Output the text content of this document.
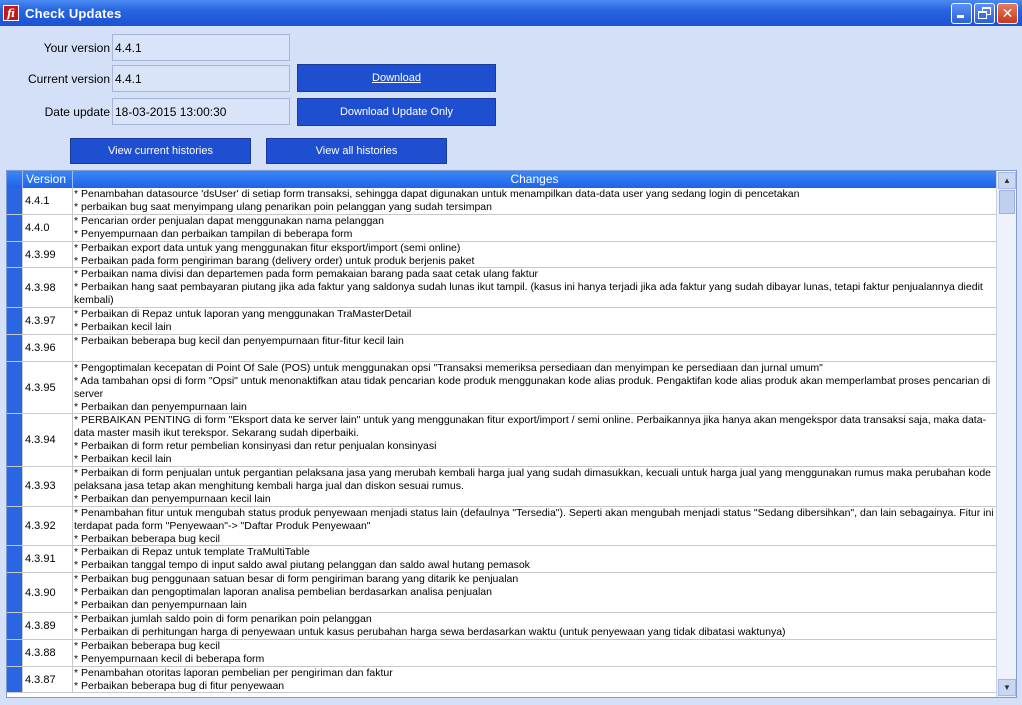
fi Check Updates	✕
Your version
4.4.1
Current version
4.4.1
Date update
18-03-2015 13:00:30
Download
Download Update Only
View current histories	View all histories
Version	Changes
4.4.1
* Penambahan datasource 'dsUser' di setiap form transaksi, sehingga dapat digunakan untuk menampilkan data-data user yang sedang login di pencetakan
* perbaikan bug saat menyimpang ulang penarikan poin pelanggan yang sudah tersimpan
4.4.0
* Pencarian order penjualan dapat menggunakan nama pelanggan
* Penyempurnaan dan perbaikan tampilan di beberapa form
4.3.99
* Perbaikan export data untuk yang menggunakan fitur eksport/import (semi online)
* Perbaikan pada form pengiriman barang (delivery order) untuk produk berjenis paket
4.3.98
* Perbaikan nama divisi dan departemen pada form pemakaian barang pada saat cetak ulang faktur
* Perbaikan hang saat pembayaran piutang jika ada faktur yang saldonya sudah lunas ikut tampil. (kasus ini hanya terjadi jika ada faktur yang sudah dibayar lunas, tetapi faktur penjualannya diedit kembali)
4.3.97
* Perbaikan di Repaz untuk laporan yang menggunakan TraMasterDetail
* Perbaikan kecil lain
4.3.96
* Perbaikan beberapa bug kecil dan penyempurnaan fitur-fitur kecil lain

4.3.95
* Pengoptimalan kecepatan di Point Of Sale (POS) untuk menggunakan opsi "Transaksi memeriksa persediaan dan menyimpan ke persediaan dan jurnal umum"
* Ada tambahan opsi di form "Opsi" untuk menonaktifkan atau tidak pencarian kode produk menggunakan kode alias produk. Pengaktifan kode alias produk akan memperlambat proses pencarian di server
* Perbaikan dan penyempurnaan lain
4.3.94
* PERBAIKAN PENTING di form "Eksport data ke server lain" untuk yang menggunakan fitur export/import / semi online. Perbaikannya jika hanya akan mengekspor data transaksi saja, maka data-data master masih ikut terekspor. Sekarang sudah diperbaiki.
* Perbaikan di form retur pembelian konsinyasi dan retur penjualan konsinyasi
* Perbaikan kecil lain
4.3.93
* Perbaikan di form penjualan untuk pergantian pelaksana jasa yang merubah kembali harga jual yang sudah dimasukkan, kecuali untuk harga jual yang menggunakan rumus maka perubahan kode pelaksana jasa tetap akan menghitung kembali harga jual dan diskon sesuai rumus.
* Perbaikan dan penyempurnaan kecil lain
4.3.92
* Penambahan fitur untuk mengubah status produk penyewaan menjadi status lain (defaulnya "Tersedia"). Seperti akan mengubah menjadi status "Sedang dibersihkan", dan lain sebagainya. Fitur ini terdapat pada form "Penyewaan"-> "Daftar Produk Penyewaan"
* Perbaikan beberapa bug kecil
4.3.91
* Perbaikan di Repaz untuk template TraMultiTable
* Perbaikan tanggal tempo di input saldo awal piutang pelanggan dan saldo awal hutang pemasok
4.3.90
* Perbaikan bug penggunaan satuan besar di form pengiriman barang yang ditarik ke penjualan
* Perbaikan dan pengoptimalan laporan analisa pembelian berdasarkan analisa penjualan
* Perbaikan dan penyempurnaan lain
4.3.89
* Perbaikan jumlah saldo poin di form penarikan poin pelanggan
* Perbaikan di perhitungan harga di penyewaan untuk kasus perubahan harga sewa berdasarkan waktu (untuk penyewaan yang tidak dibatasi waktunya)
4.3.88
* Perbaikan beberapa bug kecil
* Penyempurnaan kecil di beberapa form
4.3.87
* Penambahan otoritas laporan pembelian per pengiriman dan faktur
* Perbaikan beberapa bug di fitur penyewaan
▲
▼
